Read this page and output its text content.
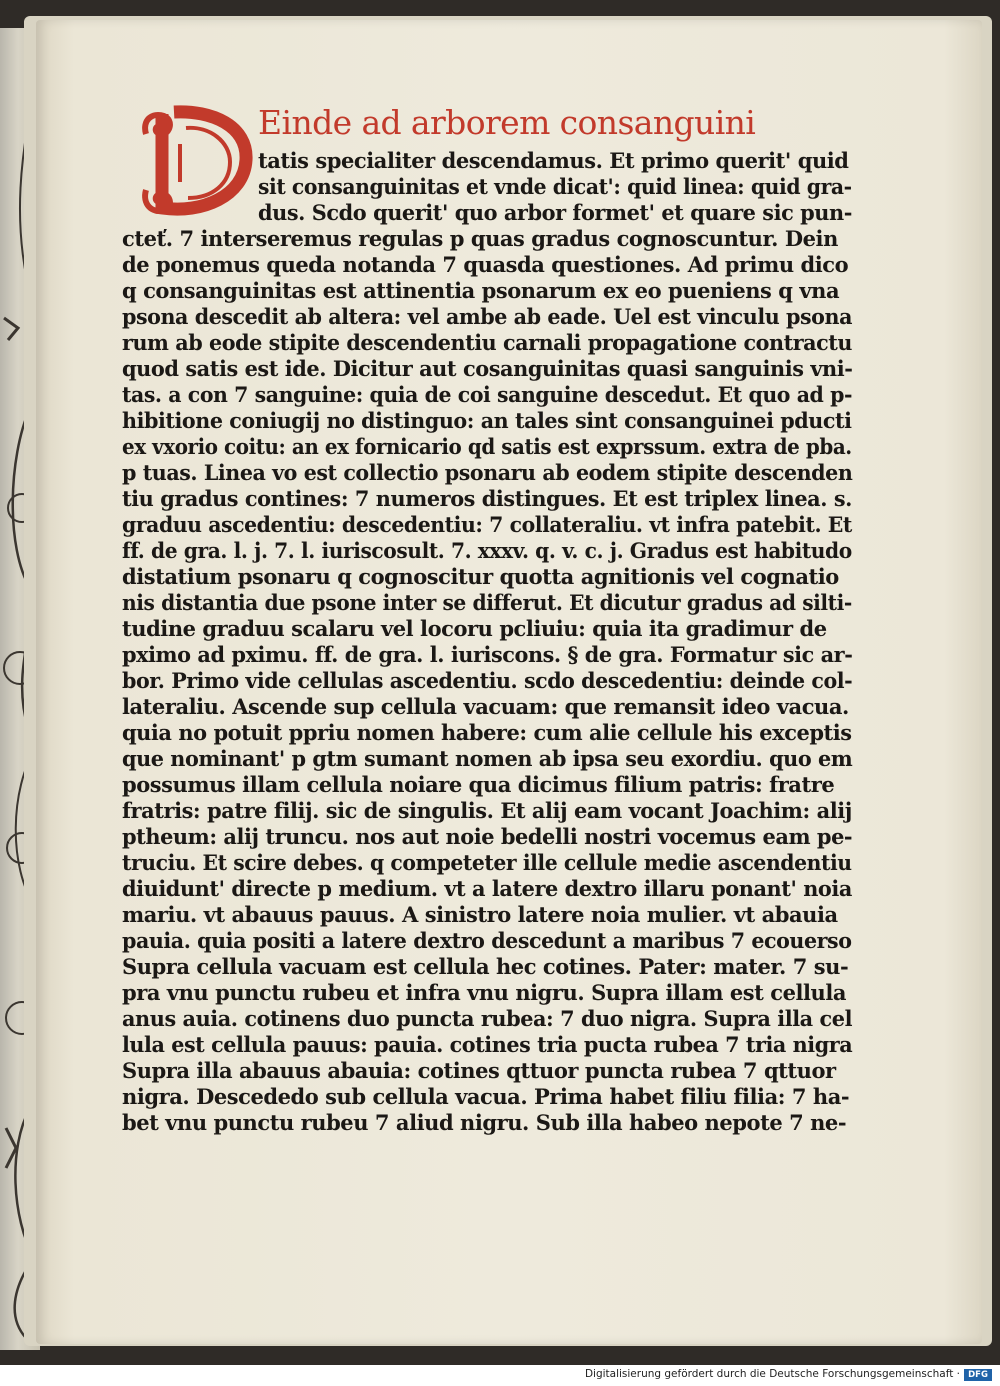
Einde ad arborem consanguini
tatis specialiter descendamus. Et primo querit' quid
sit consanguinitas et vnde dicat': quid linea: quid gra-
dus. Scdo querit' quo arbor formet' et quare sic pun-
cteť. 7 interseremus regulas p quas gradus cognoscuntur. Dein
de ponemus queda notanda 7 quasda questiones. Ad primu dico
q consanguinitas est attinentia psonarum ex eo pueniens q vna
psona descedit ab altera: vel ambe ab eade. Uel est vinculu psona
rum ab eode stipite descendentiu carnali propagatione contractu
quod satis est ide. Dicitur aut cosanguinitas quasi sanguinis vni-
tas. a con 7 sanguine: quia de coi sanguine descedut. Et quo ad p-
hibitione coniugij no distinguo: an tales sint consanguinei pducti
ex vxorio coitu: an ex fornicario qd satis est exprssum. extra de pba.
p tuas. Linea vo est collectio psonaru ab eodem stipite descenden
tiu gradus contines: 7 numeros distingues. Et est triplex linea. s.
graduu ascedentiu: descedentiu: 7 collateraliu. vt infra patebit. Et
ff. de gra. l. j. 7. l. iuriscosult. 7. xxxv. q. v. c. j. Gradus est habitudo
distatium psonaru q cognoscitur quotta agnitionis vel cognatio
nis distantia due psone inter se differut. Et dicutur gradus ad silti-
tudine graduu scalaru vel locoru pcliuiu: quia ita gradimur de
pximo ad pximu. ff. de gra. l. iuriscons. § de gra. Formatur sic ar-
bor. Primo vide cellulas ascedentiu. scdo descedentiu: deinde col-
lateraliu. Ascende sup cellula vacuam: que remansit ideo vacua.
quia no potuit ppriu nomen habere: cum alie cellule his exceptis
que nominant' p gtm sumant nomen ab ipsa seu exordiu. quo em
possumus illam cellula noiare qua dicimus filium patris: fratre
fratris: patre filij. sic de singulis. Et alij eam vocant Joachim: alij
ptheum: alij truncu. nos aut noie bedelli nostri vocemus eam pe-
truciu. Et scire debes. q competeter ille cellule medie ascendentiu
diuidunt' directe p medium. vt a latere dextro illaru ponant' noia
mariu. vt abauus pauus. A sinistro latere noia mulier. vt abauia
pauia. quia positi a latere dextro descedunt a maribus 7 ecouerso
Supra cellula vacuam est cellula hec cotines. Pater: mater. 7 su-
pra vnu punctu rubeu et infra vnu nigru. Supra illam est cellula
anus auia. cotinens duo puncta rubea: 7 duo nigra. Supra illa cel
lula est cellula pauus: pauia. cotines tria pucta rubea 7 tria nigra
Supra illa abauus abauia: cotines qttuor puncta rubea 7 qttuor
nigra. Descededo sub cellula vacua. Prima habet filiu filia: 7 ha-
bet vnu punctu rubeu 7 aliud nigru. Sub illa habeo nepote 7 ne-
Digitalisierung gefördert durch die Deutsche Forschungsgemeinschaft · DFG
